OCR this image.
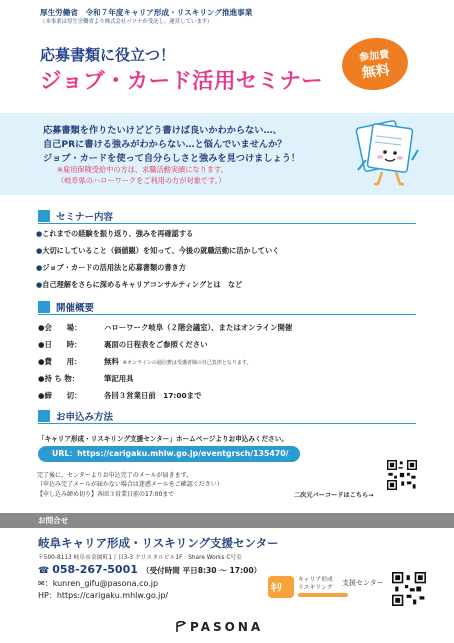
厚生労働省　令和７年度キャリア形成・リスキリング推進事業
（本事業は厚生労働省より株式会社パソナが受託し、運営しています）
応募書類に役立つ！
ジョブ・カード活用セミナー
参加費
無料
応募書類を作りたいけどどう書けば良いかわからない…、
自己PRに書ける強みがわからない…と悩んでいませんか？
ジョブ・カードを使って自分らしさと強みを見つけましょう！
※雇用保険受給中の方は、求職活動実績になります。
（岐阜県のハローワークをご利用の方が対象です。）
セミナー内容
●これまでの経験を振り返り、強みを再確認する
●大切にしていること（価値観）を知って、今後の就職活動に活かしていく
●ジョブ・カードの活用法と応募書類の書き方
●自己理解をさらに深めるキャリアコンサルティングとは　など
開催概要
●会　　場：	ハローワーク岐阜（２階会議室）、またはオンライン開催
●日　　時：	裏面の日程表をご参照ください
●費　　用：	無料 ※オンラインの通信費は受講者様の自己負担となります。
●持 ち 物：	筆記用具
●締　　切：	各回３営業日前　17:00まで
お申込み方法
「キャリア形成・リスキリング支援センター」ホームページよりお申込みください。
URL：https://carigaku.mhlw.go.jp/eventgrsch/135470/
完了後に、センターよりお申込完了のメールが届きます。
（申込み完了メールが届かない場合は迷惑メールをご確認ください）
【申し込み締め切り】各回３営業日前の17:00まで	二次元バーコードはこちら→
お問合せ
岐阜キャリア形成・リスキリング支援センター
〒500-8113 岐阜市金園町1丁目3-3 クリスタルビル1F　Share Works C号室
☎ 058-267-5001 （受付時間 平日8:30 ～ 17:00）
✉：kunren_gifu@pasona.co.jp
HP：https://carigaku.mhlw.go.jp/
ｷﾘ
キャリア形成
リスキリング
支援センター
PASONA
